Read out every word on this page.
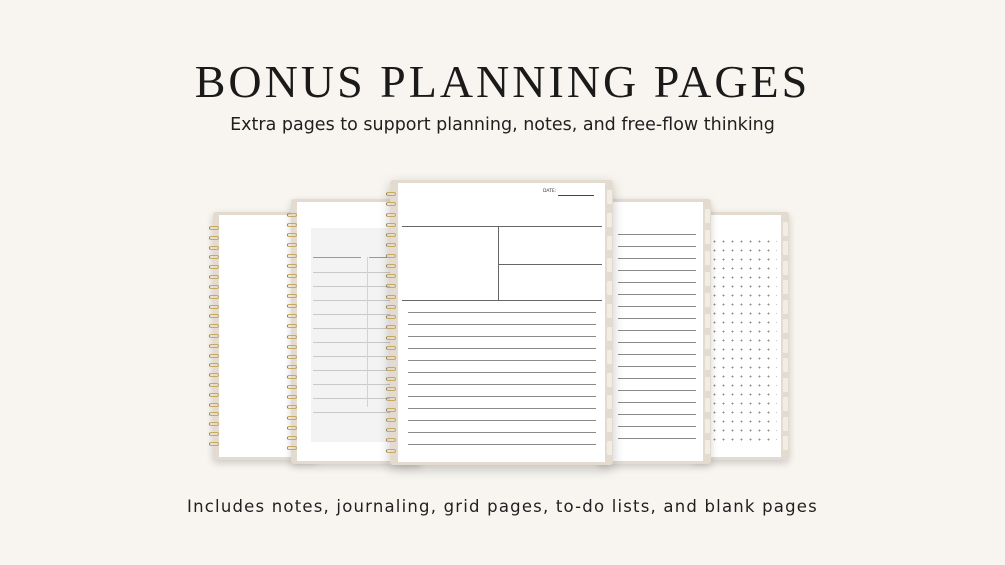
BONUS PLANNING PAGES
Extra pages to support planning, notes, and free-flow thinking
DATE:
Includes notes, journaling, grid pages, to-do lists, and blank pages
